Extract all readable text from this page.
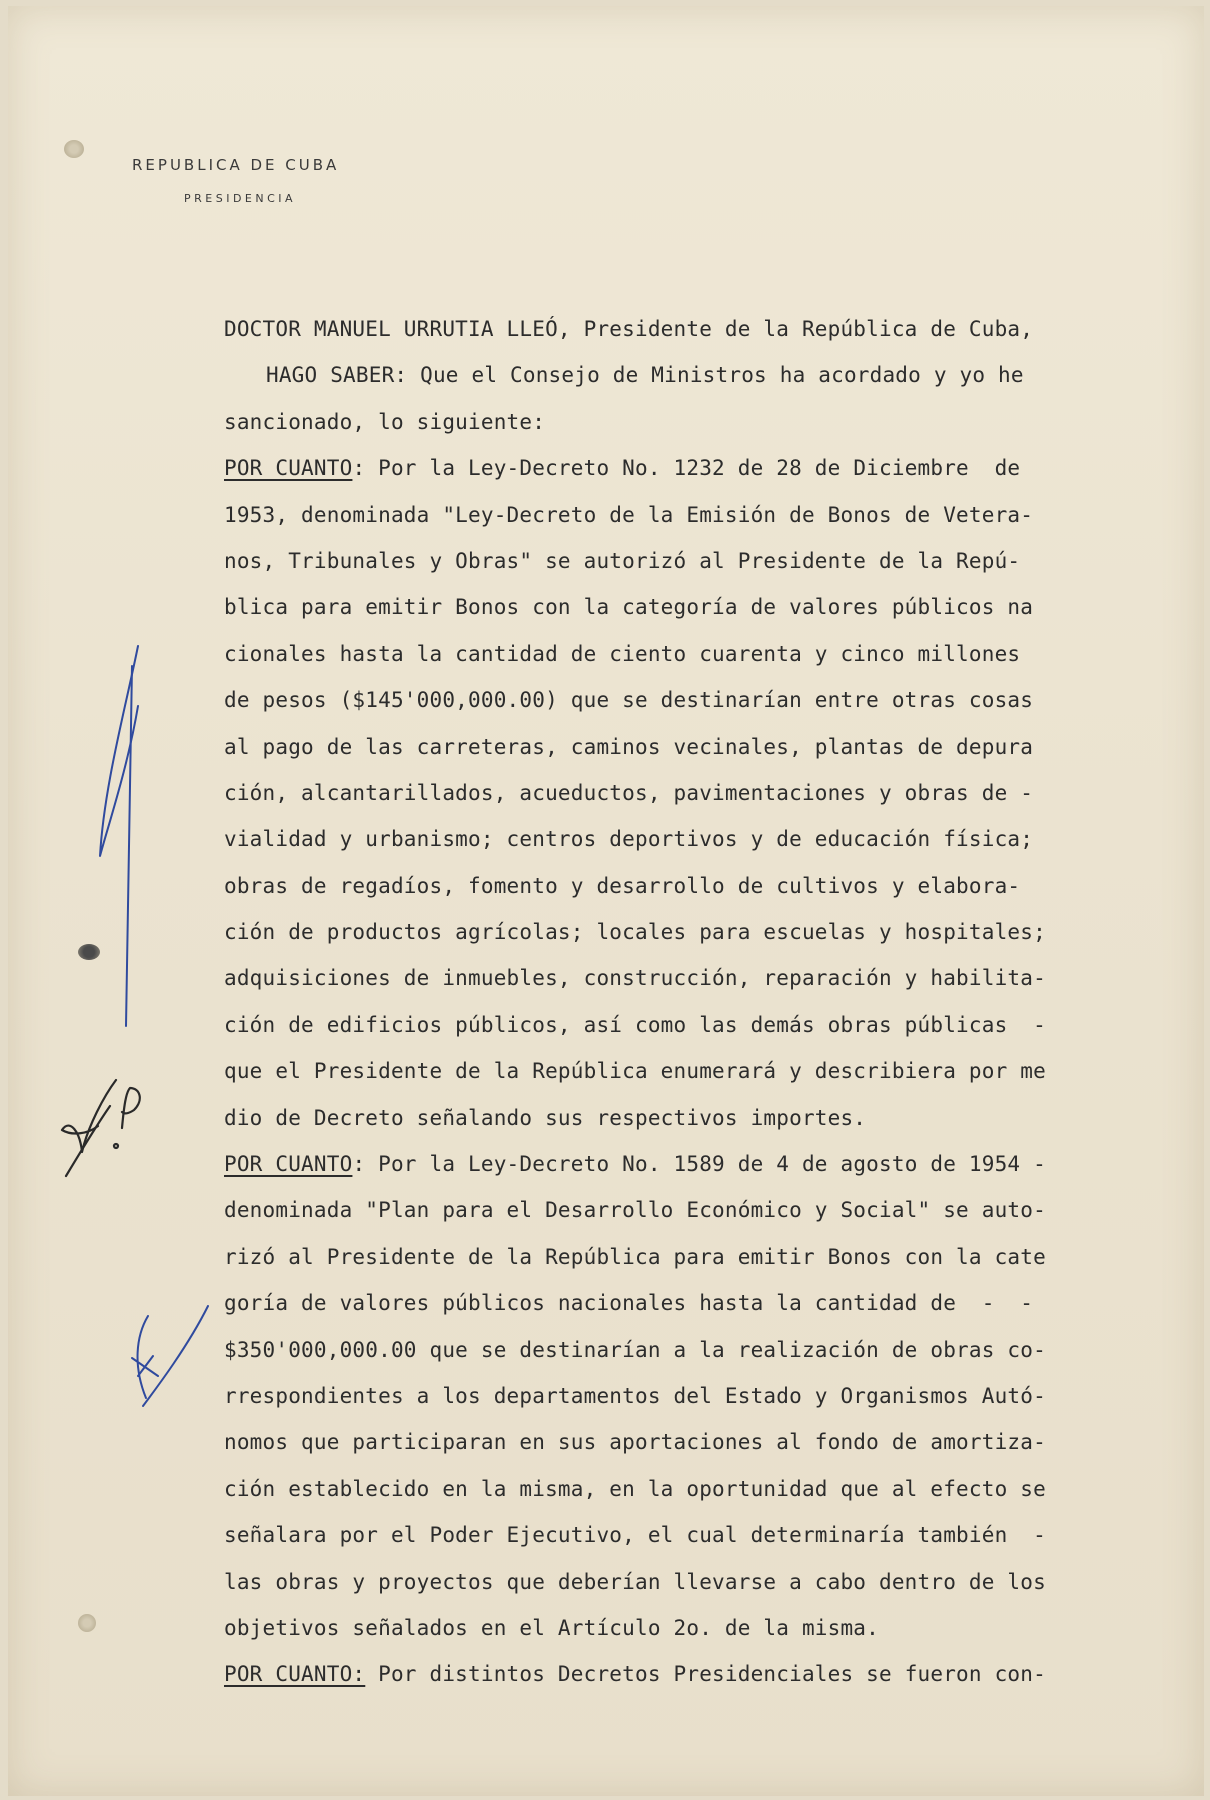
REPUBLICA DE CUBA
PRESIDENCIA
DOCTOR MANUEL URRUTIA LLEÓ, Presidente de la República de Cuba,
HAGO SABER: Que el Consejo de Ministros ha acordado y yo he
sancionado, lo siguiente:
POR CUANTO: Por la Ley-Decreto No. 1232 de 28 de Diciembre  de
1953, denominada "Ley-Decreto de la Emisión de Bonos de Vetera-
nos, Tribunales y Obras" se autorizó al Presidente de la Repú-
blica para emitir Bonos con la categoría de valores públicos na
cionales hasta la cantidad de ciento cuarenta y cinco millones
de pesos ($145'000,000.00) que se destinarían entre otras cosas
al pago de las carreteras, caminos vecinales, plantas de depura
ción, alcantarillados, acueductos, pavimentaciones y obras de -
vialidad y urbanismo; centros deportivos y de educación física;
obras de regadíos, fomento y desarrollo de cultivos y elabora-
ción de productos agrícolas; locales para escuelas y hospitales;
adquisiciones de inmuebles, construcción, reparación y habilita-
ción de edificios públicos, así como las demás obras públicas  -
que el Presidente de la República enumerará y describiera por me
dio de Decreto señalando sus respectivos importes.
POR CUANTO: Por la Ley-Decreto No. 1589 de 4 de agosto de 1954 -
denominada "Plan para el Desarrollo Económico y Social" se auto-
rizó al Presidente de la República para emitir Bonos con la cate
goría de valores públicos nacionales hasta la cantidad de  -  -
$350'000,000.00 que se destinarían a la realización de obras co-
rrespondientes a los departamentos del Estado y Organismos Autó-
nomos que participaran en sus aportaciones al fondo de amortiza-
ción establecido en la misma, en la oportunidad que al efecto se
señalara por el Poder Ejecutivo, el cual determinaría también  -
las obras y proyectos que deberían llevarse a cabo dentro de los
objetivos señalados en el Artículo 2o. de la misma.
POR CUANTO: Por distintos Decretos Presidenciales se fueron con-
